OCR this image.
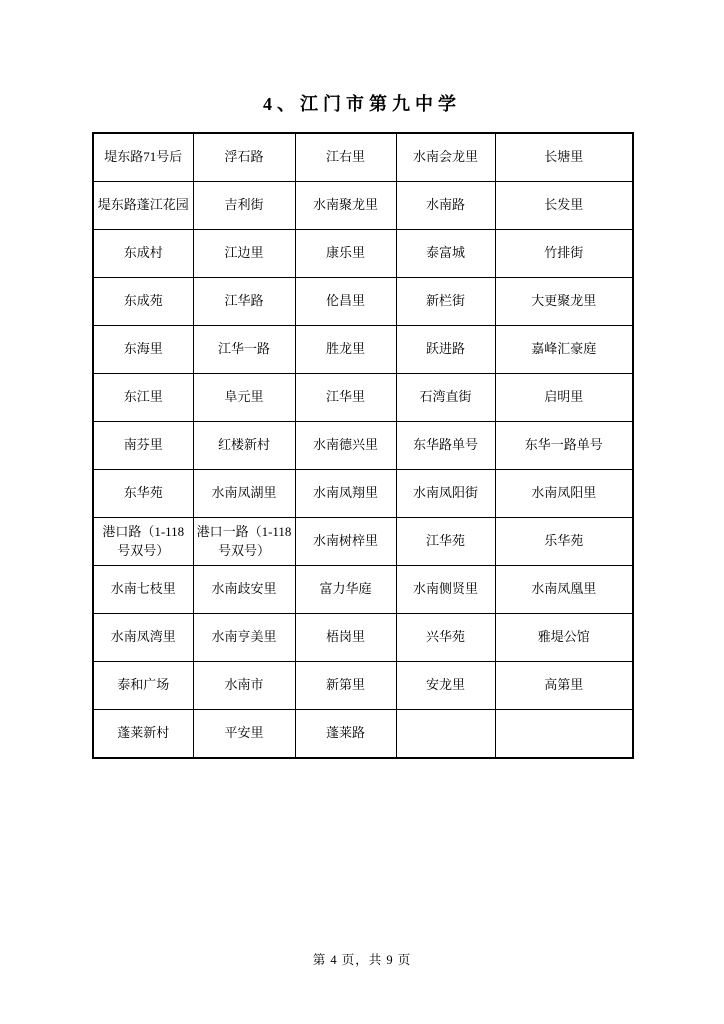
4、江门市第九中学
堤东路71号后	浮石路	江右里	水南会龙里	长塘里
堤东路蓬江花园	吉利街	水南聚龙里	水南路	长发里
东成村	江边里	康乐里	泰富城	竹排街
东成苑	江华路	伦昌里	新栏街	大更聚龙里
东海里	江华一路	胜龙里	跃进路	嘉峰汇豪庭
东江里	阜元里	江华里	石湾直街	启明里
南芬里	红楼新村	水南德兴里	东华路单号	东华一路单号
东华苑	水南凤湖里	水南凤翔里	水南凤阳街	水南凤阳里
港口路（1-118号双号）	港口一路（1-118号双号）	水南树梓里	江华苑	乐华苑
水南七枝里	水南歧安里	富力华庭	水南侧贤里	水南凤凰里
水南凤湾里	水南亨美里	梧岗里	兴华苑	雅堤公馆
泰和广场	水南市	新第里	安龙里	高第里
蓬莱新村	平安里	蓬莱路		
第 4 页，共 9 页
